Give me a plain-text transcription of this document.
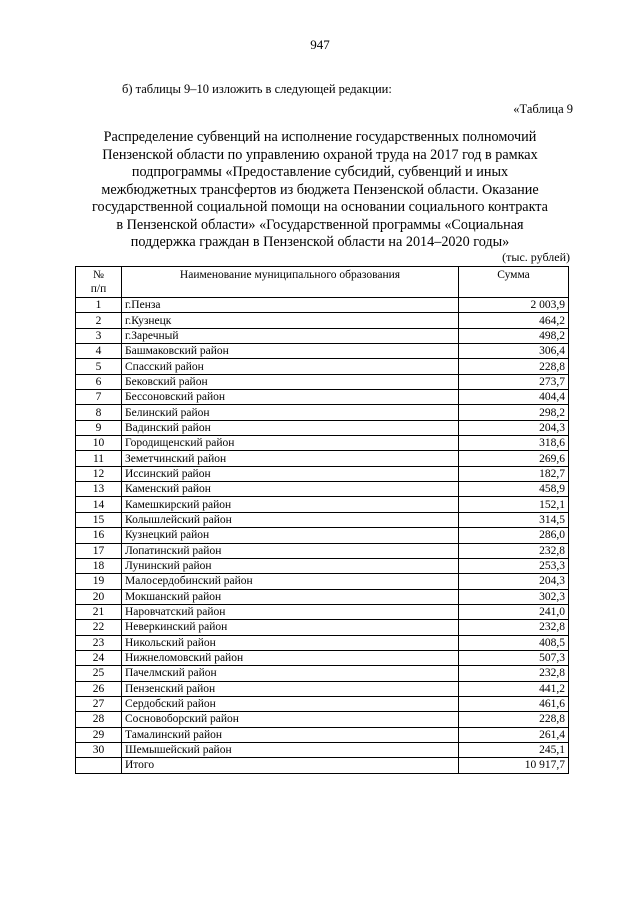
947
б) таблицы 9–10 изложить в следующей редакции:
«Таблица 9
Распределение субвенций на исполнение государственных полномочий
Пензенской области по управлению охраной труда на 2017 год в рамках
подпрограммы «Предоставление субсидий, субвенций и иных
межбюджетных трансфертов из бюджета Пензенской области. Оказание
государственной социальной помощи на основании социального контракта
в Пензенской области» «Государственной программы «Социальная
поддержка граждан в Пензенской области на 2014–2020 годы»
(тыс. рублей)
№
п/п	Наименование муниципального образования	Сумма
1	г.Пенза	2 003,9
2	г.Кузнецк	464,2
3	г.Заречный	498,2
4	Башмаковский район	306,4
5	Спасский район	228,8
6	Бековский район	273,7
7	Бессоновский район	404,4
8	Белинский район	298,2
9	Вадинский район	204,3
10	Городищенский район	318,6
11	Земетчинский район	269,6
12	Иссинский район	182,7
13	Каменский район	458,9
14	Камешкирский район	152,1
15	Колышлейский район	314,5
16	Кузнецкий район	286,0
17	Лопатинский район	232,8
18	Лунинский район	253,3
19	Малосердобинский район	204,3
20	Мокшанский район	302,3
21	Наровчатский район	241,0
22	Неверкинский район	232,8
23	Никольский район	408,5
24	Нижнеломовский район	507,3
25	Пачелмский район	232,8
26	Пензенский район	441,2
27	Сердобский район	461,6
28	Сосновоборский район	228,8
29	Тамалинский район	261,4
30	Шемышейский район	245,1
	Итого	10 917,7
